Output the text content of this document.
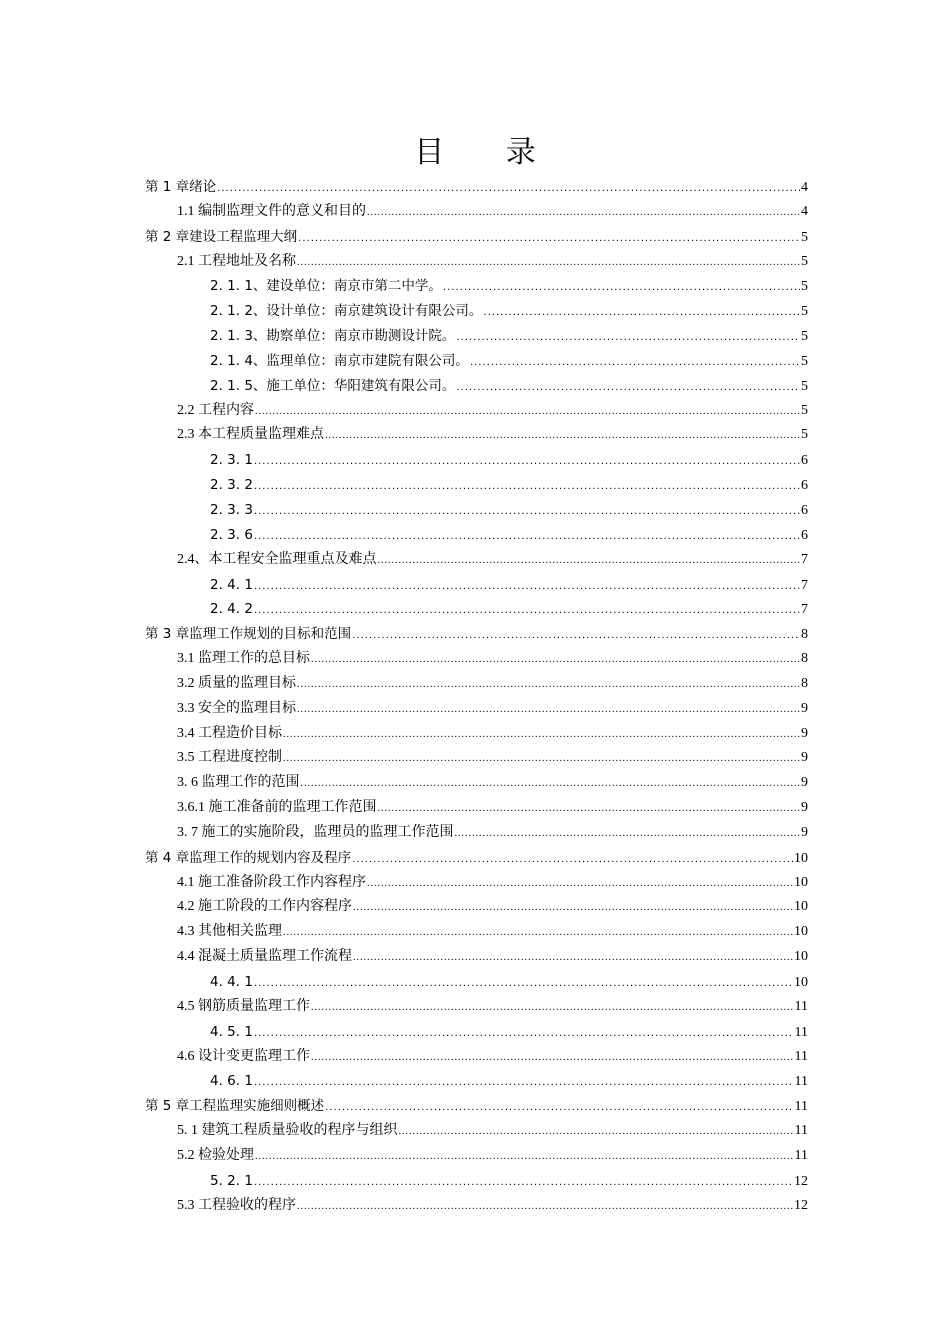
目 录
第 1 章绪论 .....	4
1.1 编制监理文件的意义和目的 .....	4
第 2 章建设工程监理大纲 .....	5
2.1 工程地址及名称 .....	5
2. 1. 1、建设单位：南京市第二中学。 .....	5
2. 1. 2、设计单位：南京建筑设计有限公司。 .....	5
2. 1. 3、勘察单位：南京市勘测设计院。 .....	5
2. 1. 4、监理单位：南京市建院有限公司。 .....	5
2. 1. 5、施工单位：华阳建筑有限公司。 .....	5
2.2 工程内容 .....	5
2.3 本工程质量监理难点 .....	5
2. 3. 1 .....	6
2. 3. 2 .....	6
2. 3. 3 .....	6
2. 3. 6 .....	6
2.4、本工程安全监理重点及难点 .....	7
2. 4. 1 .....	7
2. 4. 2 .....	7
第 3 章监理工作规划的目标和范围 .....	8
3.1 监理工作的总目标 .....	8
3.2 质量的监理目标 .....	8
3.3 安全的监理目标 .....	9
3.4 工程造价目标 .....	9
3.5 工程进度控制 .....	9
3. 6 监理工作的范围 .....	9
3.6.1 施工准备前的监理工作范围 .....	9
3. 7 施工的实施阶段，监理员的监理工作范围 .....	9
第 4 章监理工作的规划内容及程序 .....	10
4.1 施工准备阶段工作内容程序 .....	10
4.2 施工阶段的工作内容程序 .....	10
4.3 其他相关监理 .....	10
4.4 混凝土质量监理工作流程 .....	10
4. 4. 1 .....	10
4.5 钢筋质量监理工作 .....	11
4. 5. 1 .....	11
4.6 设计变更监理工作 .....	11
4. 6. 1 .....	11
第 5 章工程监理实施细则概述 .....	11
5. 1 建筑工程质量验收的程序与组织 .....	11
5.2 检验处理 .....	11
5. 2. 1 .....	12
5.3 工程验收的程序 .....	12
